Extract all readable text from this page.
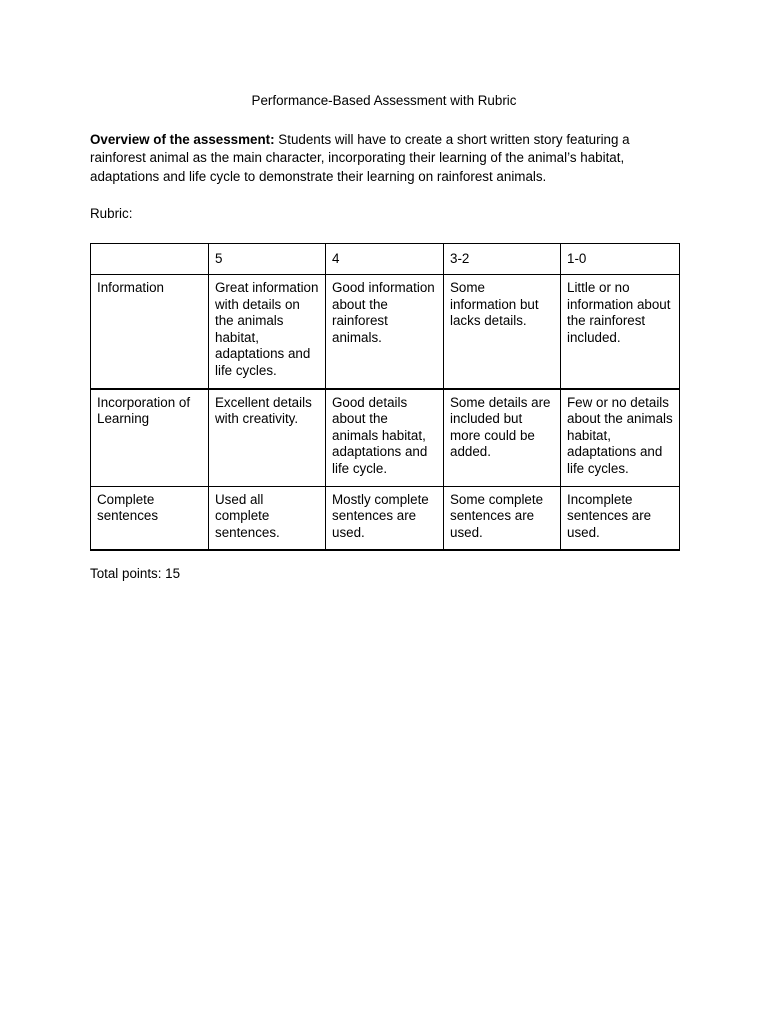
Performance-Based Assessment with Rubric
Overview of the assessment: Students will have to create a short written story featuring a rainforest animal as the main character, incorporating their learning of the animal’s habitat, adaptations and life cycle to demonstrate their learning on rainforest animals.
Rubric:
	5	4	3-2	1-0
Information	Great information with details on the animals habitat, adaptations and life cycles.	Good information about the rainforest animals.	Some information but lacks details.	Little or no information about the rainforest included.
Incorporation of Learning	Excellent details with creativity.	Good details about the animals habitat, adaptations and life cycle.	Some details are included but more could be added.	Few or no details about the animals habitat, adaptations and life cycles.
Complete sentences	Used all complete sentences.	Mostly complete sentences are used.	Some complete sentences are used.	Incomplete sentences are used.
Total points: 15
